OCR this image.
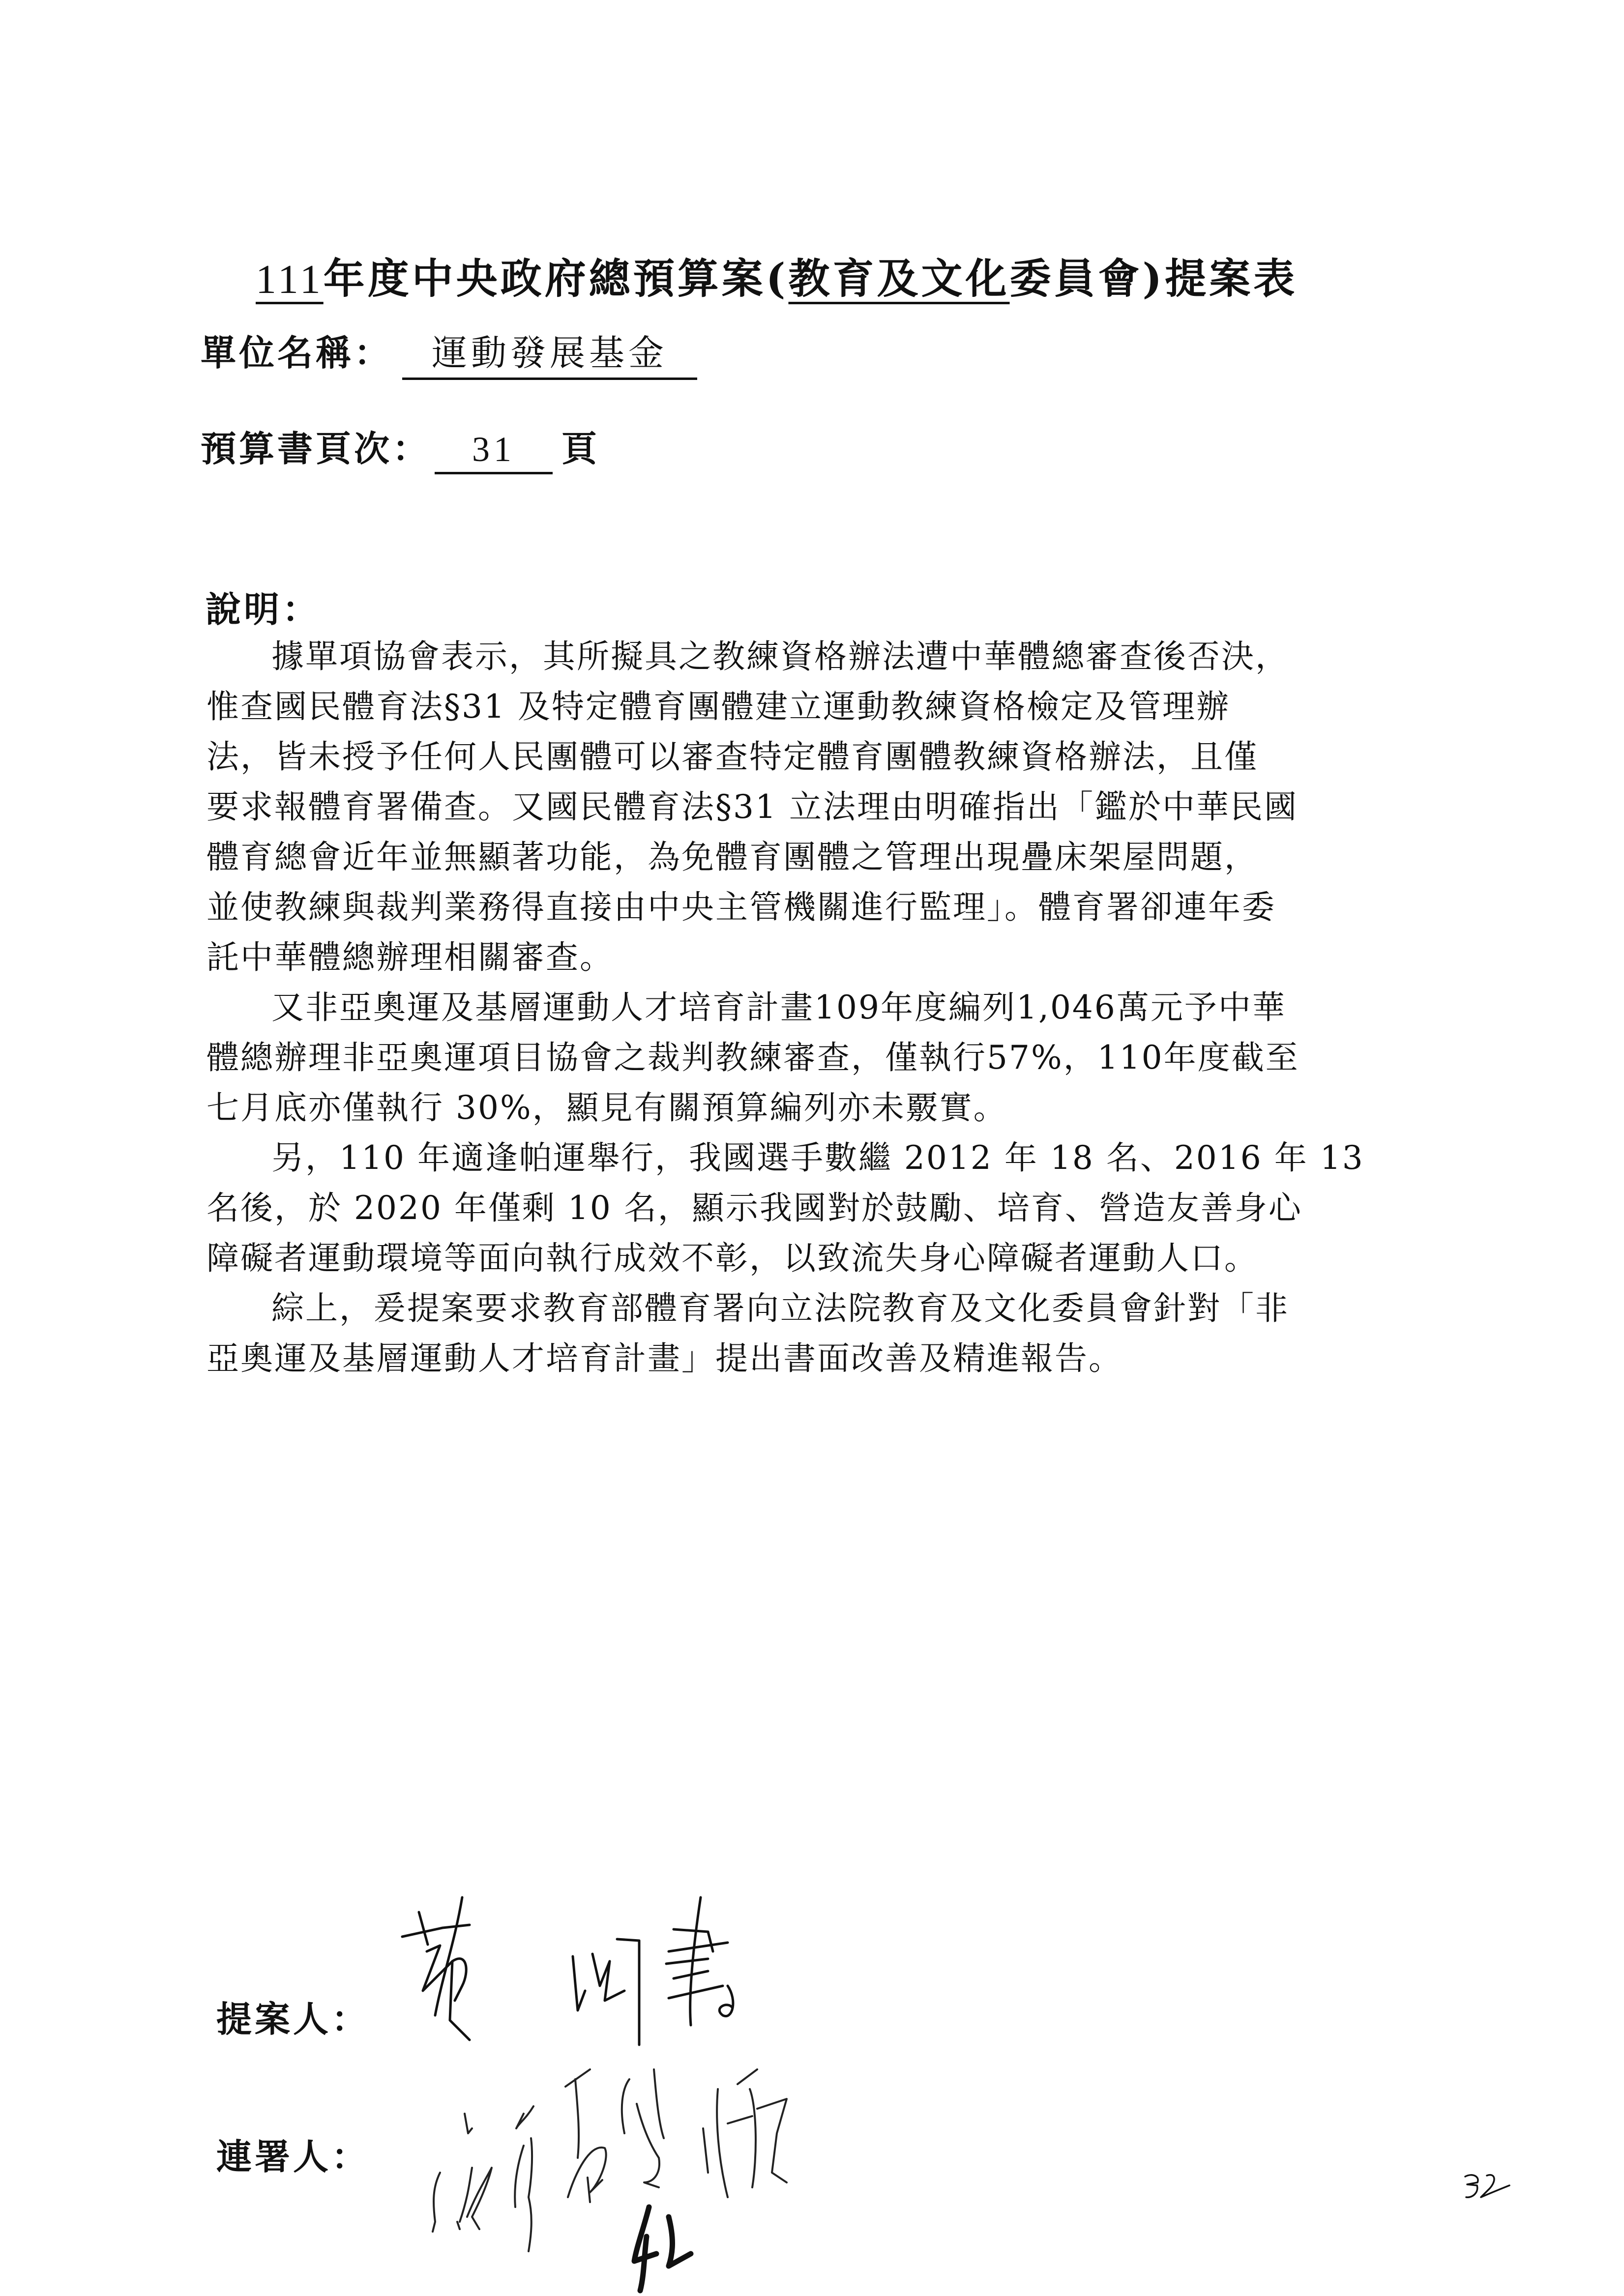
111年度中央政府總預算案(教育及文化委員會)提案表
單位名稱： 運動發展基金
預算書頁次： 31 頁
說明：
據單項協會表示，其所擬具之教練資格辦法遭中華體總審查後否決，
惟查國民體育法§31 及特定體育團體建立運動教練資格檢定及管理辦
法，皆未授予任何人民團體可以審查特定體育團體教練資格辦法，且僅
要求報體育署備查。又國民體育法§31 立法理由明確指出「鑑於中華民國
體育總會近年並無顯著功能，為免體育團體之管理出現疊床架屋問題，
並使教練與裁判業務得直接由中央主管機關進行監理」。體育署卻連年委
託中華體總辦理相關審查。
又非亞奧運及基層運動人才培育計畫109年度編列1,046萬元予中華
體總辦理非亞奧運項目協會之裁判教練審查，僅執行57%，110年度截至
七月底亦僅執行 30%，顯見有關預算編列亦未覈實。
另，110 年適逢帕運舉行，我國選手數繼 2012 年 18 名、2016 年 13
名後，於 2020 年僅剩 10 名，顯示我國對於鼓勵、培育、營造友善身心
障礙者運動環境等面向執行成效不彰，以致流失身心障礙者運動人口。
綜上，爰提案要求教育部體育署向立法院教育及文化委員會針對「非
亞奧運及基層運動人才培育計畫」提出書面改善及精進報告。
提案人：
連署人：
